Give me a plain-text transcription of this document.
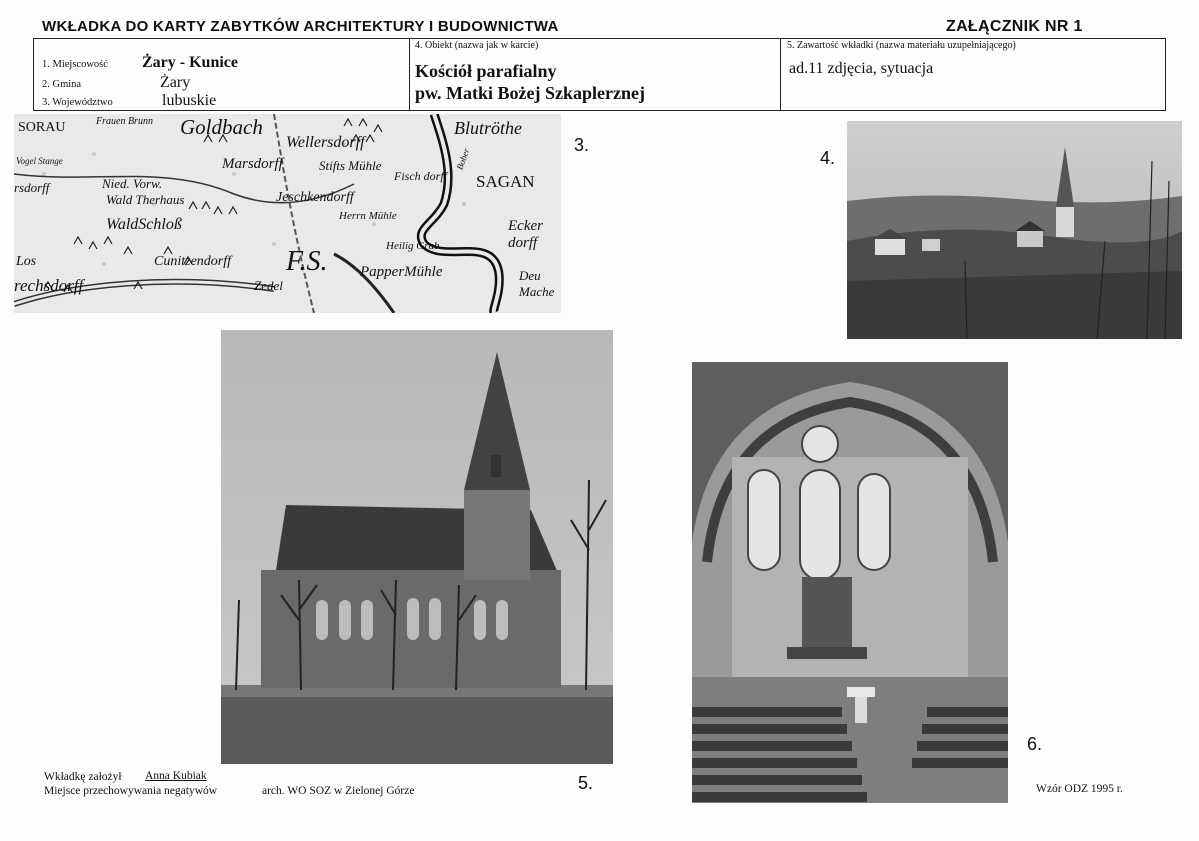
WKŁADKA DO KARTY ZABYTKÓW ARCHITEKTURY I BUDOWNICTWA	ZAŁĄCZNIK NR 1
1. Miejscowość Żary - Kunice
2. Gmina	Żary
3. Województwo	lubuskie
4. Obiekt (nazwa jak w karcie)
Kościół parafialny
pw. Matki Bożej Szkaplerznej
5. Zawartość wkładki (nazwa materiału uzupełniającego)
ad.11 zdjęcia, sytuacja
SORAU	Frauen Brunn Goldbach	Blutröthe
Wellersdorff
Marsdorff	Stifts Mühle
Fisch dorff SAGAN
Nied. Vorw.
Wald Therhaus	Jeschkendorff
Herrn Mühle
Ecker dorff
WaldSchloß
Heilig Grab
Los	Cunitzendorff F.S. PapperMühle	Deu Mache
rechsdorff	Zedel
Bober
Vogel Stange
rsdorff
3.
4.
5.
6.
Wkładkę założył Anna Kubiak
Miejsce przechowywania negatywów	arch. WO SOZ w Zielonej Górze	Wzór ODZ 1995 r.
